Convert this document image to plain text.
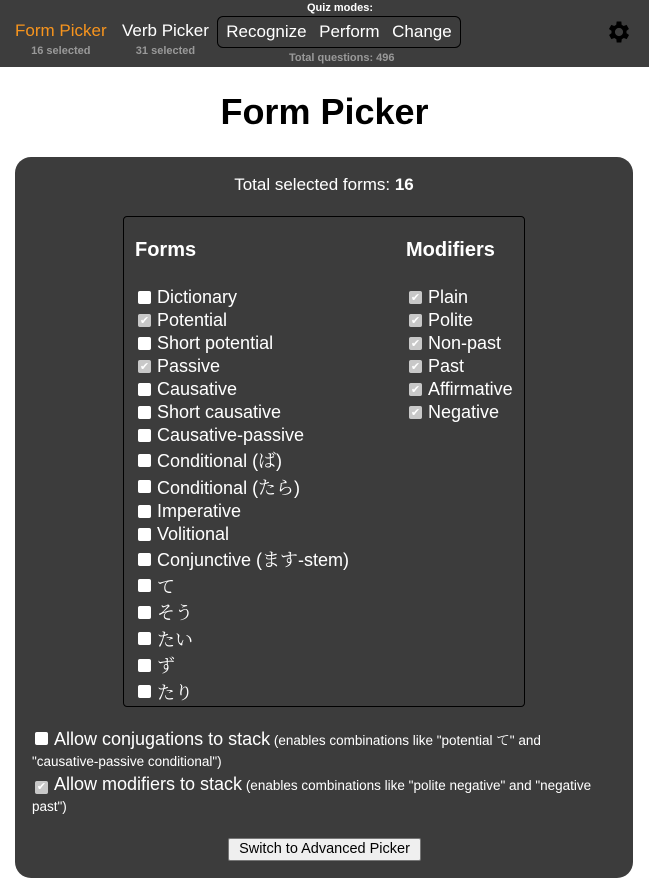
Form Picker
16 selected
Verb Picker
31 selected
Quiz modes:
Recognize Perform Change
Total questions: 496
Form Picker
Total selected forms: 16
Forms
Dictionary
✔ Potential
Short potential
✔ Passive
Causative
Short causative
Causative-passive
Conditional (ば)
Conditional (たら)
Imperative
Volitional
Conjunctive (ます-stem)
て
そう
たい
ず
たり
Modifiers
✔ Plain
✔ Polite
✔ Non-past
✔ Past
✔ Affirmative
✔ Negative
Allow conjugations to stack (enables combinations like "potential て" and "causative-passive conditional")
✔ Allow modifiers to stack (enables combinations like "polite negative" and "negative past")
Switch to Advanced Picker
